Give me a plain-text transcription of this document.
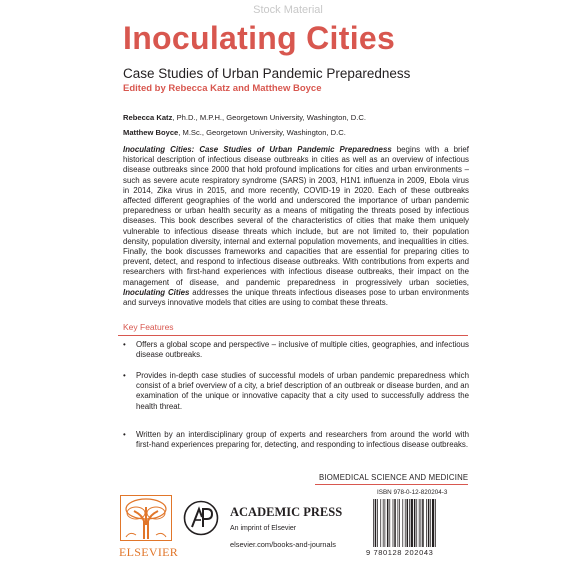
Stock Material
Inoculating Cities
Case Studies of Urban Pandemic Preparedness
Edited by Rebecca Katz and Matthew Boyce
Rebecca Katz, Ph.D., M.P.H., Georgetown University, Washington, D.C.
Matthew Boyce, M.Sc., Georgetown University, Washington, D.C.
Inoculating Cities: Case Studies of Urban Pandemic Preparedness begins with a brief historical description of infectious disease outbreaks in cities as well as an overview of infectious disease outbreaks since 2000 that hold profound implications for cities and urban environments – such as severe acute respiratory syndrome (SARS) in 2003, H1N1 influenza in 2009, Ebola virus in 2014, Zika virus in 2015, and more recently, COVID-19 in 2020. Each of these outbreaks affected different geographies of the world and underscored the importance of urban pandemic preparedness or urban health security as a means of mitigating the threats posed by infectious diseases. This book describes several of the characteristics of cities that make them uniquely vulnerable to infectious disease threats which include, but are not limited to, their population density, population diversity, internal and external population movements, and inequalities in cities. Finally, the book discusses frameworks and capacities that are essential for preparing cities to prevent, detect, and respond to infectious disease outbreaks. With contributions from experts and researchers with first-hand experiences with infectious disease outbreaks, their impact on the management of disease, and pandemic preparedness in progressively urban societies, Inoculating Cities addresses the unique threats infectious diseases pose to urban environments and surveys innovative models that cities are using to combat these threats.
Key Features
• Offers a global scope and perspective – inclusive of multiple cities, geographies, and infectious disease outbreaks.
• Provides in-depth case studies of successful models of urban pandemic preparedness which consist of a brief overview of a city, a brief description of an outbreak or disease burden, and an examination of the unique or innovative capacity that a city used to successfully address the health threat.
• Written by an interdisciplinary group of experts and researchers from around the world with first-hand experiences preparing for, detecting, and responding to infectious disease outbreaks.
BIOMEDICAL SCIENCE AND MEDICINE
ISBN 978-0-12-820204-3
9 780128 202043
ELSEVIER
ACADEMIC PRESS
An imprint of Elsevier
elsevier.com/books-and-journals
